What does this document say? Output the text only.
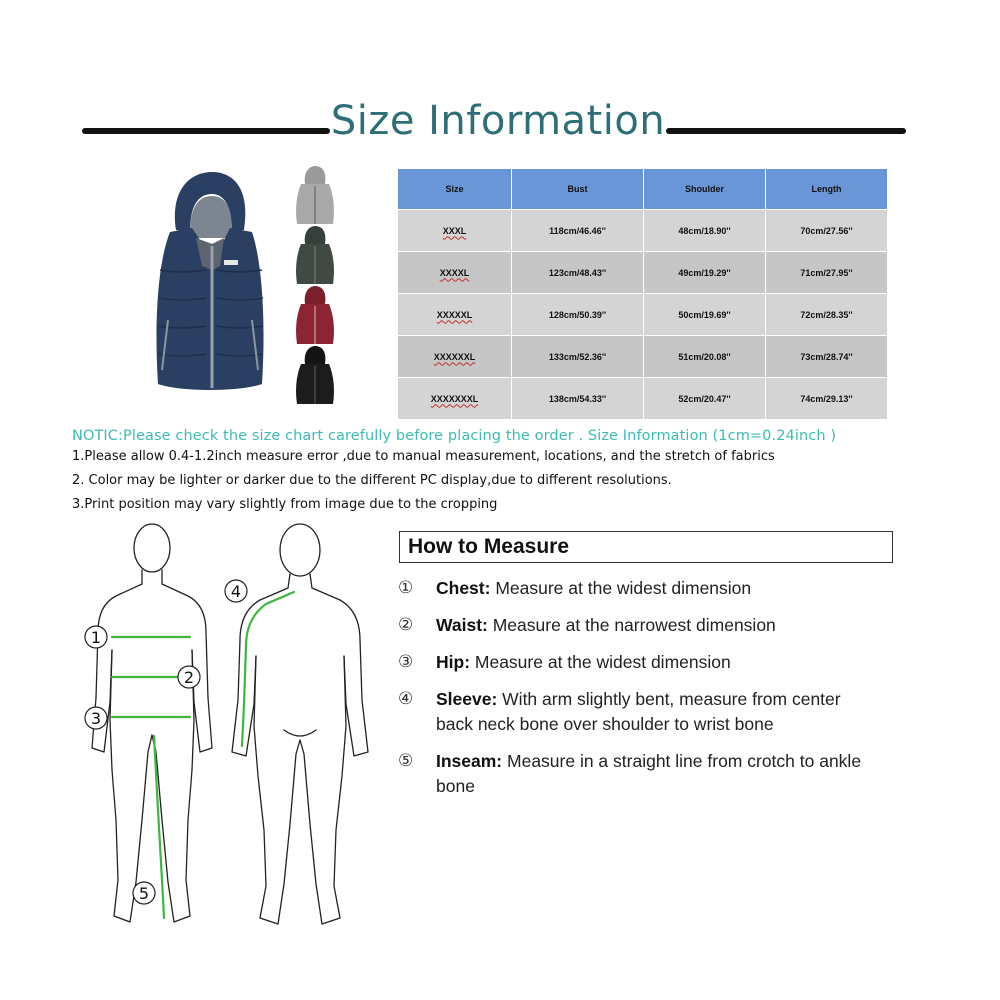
Size Information
Size	Bust	Shoulder	Length
XXXL	118cm/46.46''	48cm/18.90''	70cm/27.56''
XXXXL	123cm/48.43''	49cm/19.29''	71cm/27.95''
XXXXXL	128cm/50.39''	50cm/19.69''	72cm/28.35''
XXXXXXL	133cm/52.36''	51cm/20.08''	73cm/28.74''
XXXXXXXL	138cm/54.33''	52cm/20.47''	74cm/29.13''
NOTIC:Please check the size chart carefully before placing the order . Size Information (1cm=0.24inch )
1.Please allow 0.4-1.2inch measure error ,due to manual measurement, locations, and the stretch of fabrics
2. Color may be lighter or darker due to the different PC display,due to different resolutions.
3.Print position may vary slightly from image due to the cropping
1
2
3
4
5
How to Measure
①	Chest: Measure at the widest dimension
②	Waist: Measure at the narrowest dimension
③	Hip: Measure at the widest dimension
④	Sleeve: With arm slightly bent, measure from center back neck bone over shoulder to wrist bone
⑤	Inseam: Measure in a straight line from crotch to ankle bone
